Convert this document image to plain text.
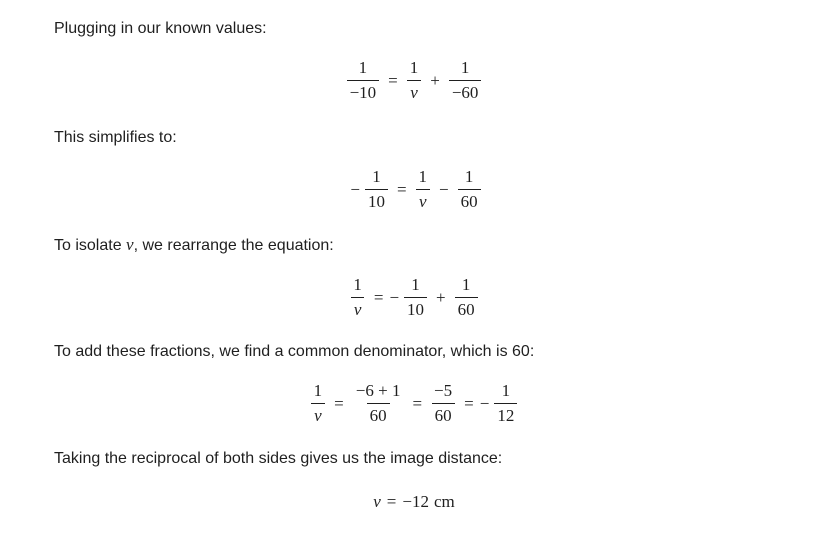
Plugging in our known values:
$\frac{1}{-10} = \frac{1}{v} + \frac{1}{-60}$
This simplifies to:
− $\frac{1}{10} = \frac{1}{v} - \frac{1}{60}$
To isolate v, we rearrange the equation:
$\frac{1}{v}$ = − $\frac{1}{10} + \frac{1}{60}$
To add these fractions, we find a common denominator, which is 60:
$\frac{1}{v} = \frac{-6 + 1}{60} = \frac{-5}{60}$ = − $\frac{1}{12}$
Taking the reciprocal of both sides gives us the image distance:
v = −12 cm
